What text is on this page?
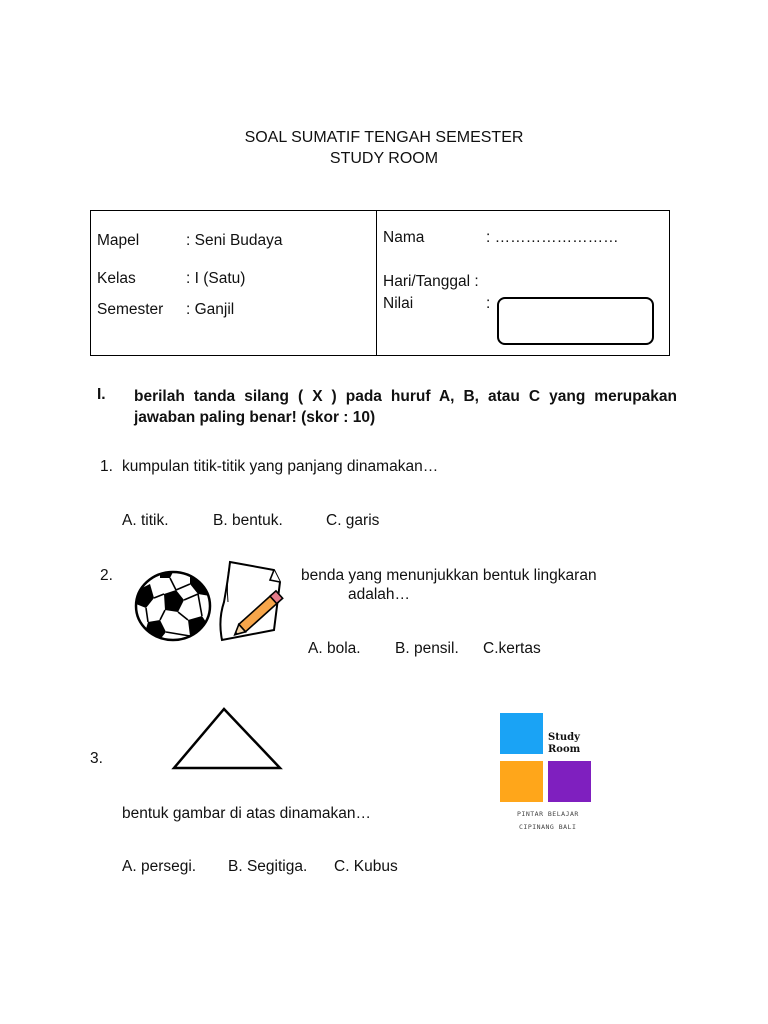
SOAL SUMATIF TENGAH SEMESTER
STUDY ROOM
Mapel	: Seni Budaya
Kelas	: I (Satu)
Semester : Ganjil
Nama	: ……………………
Hari/Tanggal :
Nilai	:
I. berilah tanda silang ( X ) pada huruf A, B, atau C yang merupakan jawaban paling benar! (skor : 10)
1. kumpulan titik-titik yang panjang dinamakan…
A. titik.	B. bentuk.	C. garis
2.	benda yang menunjukkan bentuk lingkaran
adalah…
A. bola. B. pensil. C.kertas
3.
bentuk gambar di atas dinamakan…
A. persegi. B. Segitiga. C. Kubus
Study
Room
PINTAR BELAJAR
CIPINANG BALI
